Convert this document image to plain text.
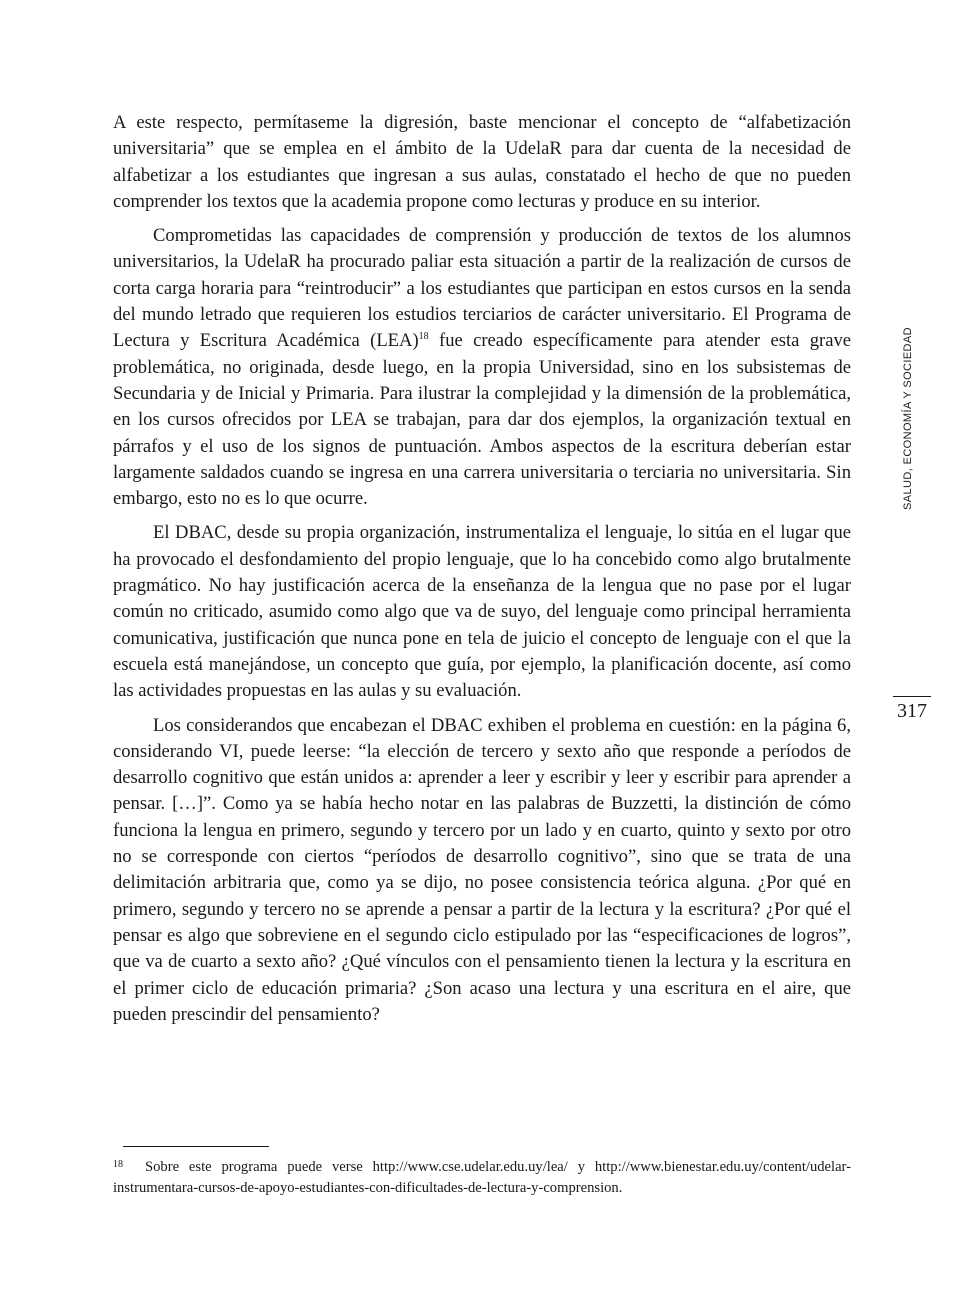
A este respecto, permítaseme la digresión, baste mencionar el concepto de “alfabetización universitaria” que se emplea en el ámbito de la UdelaR para dar cuenta de la necesidad de alfabetizar a los estudiantes que ingresan a sus aulas, constatado el hecho de que no pueden comprender los textos que la academia propone como lecturas y produce en su interior.

Comprometidas las capacidades de comprensión y producción de textos de los alumnos universitarios, la UdelaR ha procurado paliar esta situación a partir de la realización de cursos de corta carga horaria para “reintroducir” a los estudiantes que participan en estos cursos en la senda del mundo letrado que requieren los estudios terciarios de carácter universitario. El Programa de Lectura y Escritura Académica (LEA)$^{18}$ fue creado específicamente para atender esta grave problemática, no originada, desde luego, en la propia Universidad, sino en los subsistemas de Secundaria y de Inicial y Primaria. Para ilustrar la complejidad y la dimensión de la problemática, en los cursos ofrecidos por LEA se trabajan, para dar dos ejemplos, la organización textual en párrafos y el uso de los signos de puntuación. Ambos aspectos de la escritura deberían estar largamente saldados cuando se ingresa en una carrera universitaria o terciaria no universitaria. Sin embargo, esto no es lo que ocurre.

El DBAC, desde su propia organización, instrumentaliza el lenguaje, lo sitúa en el lugar que ha provocado el desfondamiento del propio lenguaje, que lo ha concebido como algo brutalmente pragmático. No hay justificación acerca de la enseñanza de la lengua que no pase por el lugar común no criticado, asumido como algo que va de suyo, del lenguaje como principal herramienta comunicativa, justificación que nunca pone en tela de juicio el concepto de lenguaje con el que la escuela está manejándose, un concepto que guía, por ejemplo, la planificación docente, así como las actividades propuestas en las aulas y su evaluación.

Los considerandos que encabezan el DBAC exhiben el problema en cuestión: en la página 6, considerando VI, puede leerse: “la elección de tercero y sexto año que responde a períodos de desarrollo cognitivo que están unidos a: aprender a leer y escribir y leer y escribir para aprender a pensar. […]”. Como ya se había hecho notar en las palabras de Buzzetti, la distinción de cómo funciona la lengua en primero, segundo y tercero por un lado y en cuarto, quinto y sexto por otro no se corresponde con ciertos “períodos de desarrollo cognitivo”, sino que se trata de una delimitación arbitraria que, como ya se dijo, no posee consistencia teórica alguna. ¿Por qué en primero, segundo y tercero no se aprende a pensar a partir de la lectura y la escritura? ¿Por qué el pensar es algo que sobreviene en el segundo ciclo estipulado por las “especificaciones de logros”, que va de cuarto a sexto año? ¿Qué vínculos con el pensamiento tienen la lectura y la escritura en el primer ciclo de educación primaria? ¿Son acaso una lectura y una escritura en el aire, que pueden prescindir del pensamiento?

SALUD, ECONOMÍA Y SOCIEDAD
317
$^{18}$ Sobre este programa puede verse http://www.cse.udelar.edu.uy/lea/ y http://www.bienestar.edu.uy/content/udelar-instrumentara-cursos-de-apoyo-estudiantes-con-dificultades-de-lectura-y-comprension.
